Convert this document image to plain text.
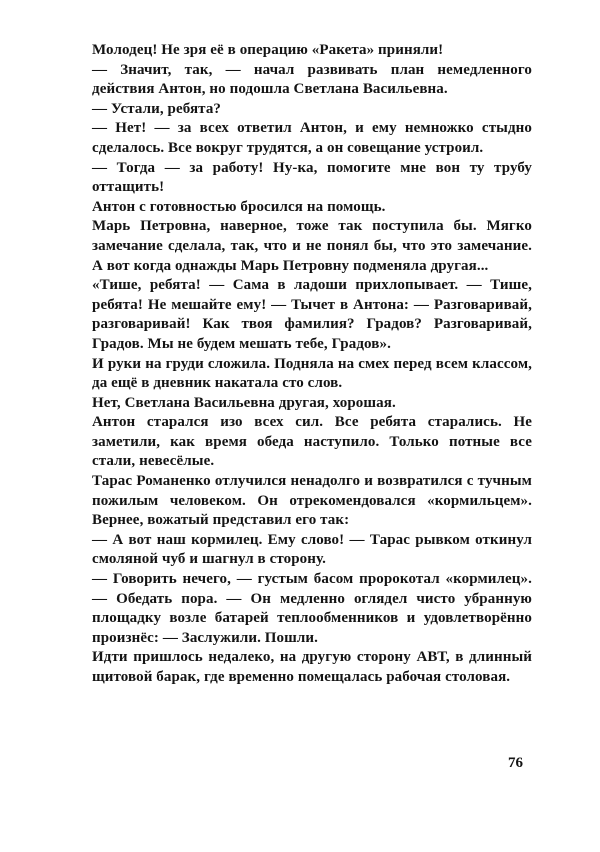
Молодец! Не зря её в операцию «Ракета» приняли!

— Значит, так, — начал развивать план немедленного действия Антон, но подошла Светлана Васильевна.

— Устали, ребята?

— Нет! — за всех ответил Антон, и ему немножко стыдно сделалось. Все вокруг трудятся, а он совещание устроил.

— Тогда — за работу! Ну-ка, помогите мне вон ту трубу оттащить!

Антон с готовностью бросился на помощь.

Марь Петровна, наверное, тоже так поступила бы. Мягко замечание сделала, так, что и не понял бы, что это замечание. А вот когда однажды Марь Петровну подменяла другая...

«Тише, ребята! — Сама в ладоши прихлопывает. — Тише, ребята! Не мешайте ему! — Тычет в Антона: — Разговаривай, разговаривай! Как твоя фамилия? Градов? Разговаривай, Градов. Мы не будем мешать тебе, Градов».

И руки на груди сложила. Подняла на смех перед всем классом, да ещё в дневник накатала сто слов.

Нет, Светлана Васильевна другая, хорошая.

Антон старался изо всех сил. Все ребята старались. Не заметили, как время обеда наступило. Только потные все стали, невесёлые.

Тарас Романенко отлучился ненадолго и возвратился с тучным пожилым человеком. Он отрекомендовался «кормильцем». Вернее, вожатый представил его так:

— А вот наш кормилец. Ему слово! — Тарас рывком откинул смоляной чуб и шагнул в сторону.

— Говорить нечего, — густым басом пророкотал «кормилец». — Обедать пора. — Он медленно оглядел чисто убранную площадку возле батарей теплообменников и удовлетворённо произнёс: — Заслужили. Пошли.

Идти пришлось недалеко, на другую сторону АВТ, в длинный щитовой барак, где временно помещалась рабочая столовая.

76
